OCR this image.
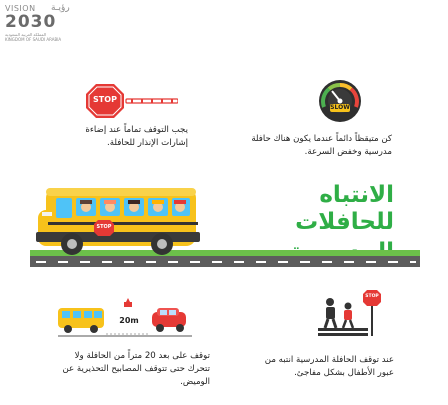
VISION رؤيـة
2030
المملكة العربية السعودية
KINGDOM OF SAUDI ARABIA
STOP
يجب التوقف تماماً عند إضاءة إشارات الإنذار للحافلة.
SLOW
كن متيقظاً دائماً عندما يكون هناك حافلة مدرسية وخفض السرعة.
الانتباه
للحافلات
STOP
20m
توقف على بعد 20 متراً من الحافلة ولا تتحرك حتى تتوقف المصابيح التحذيرية عن الوميض.
STOP
عند توقف الحافلة المدرسية انتبه من عبور الأطفال بشكل مفاجئ.
